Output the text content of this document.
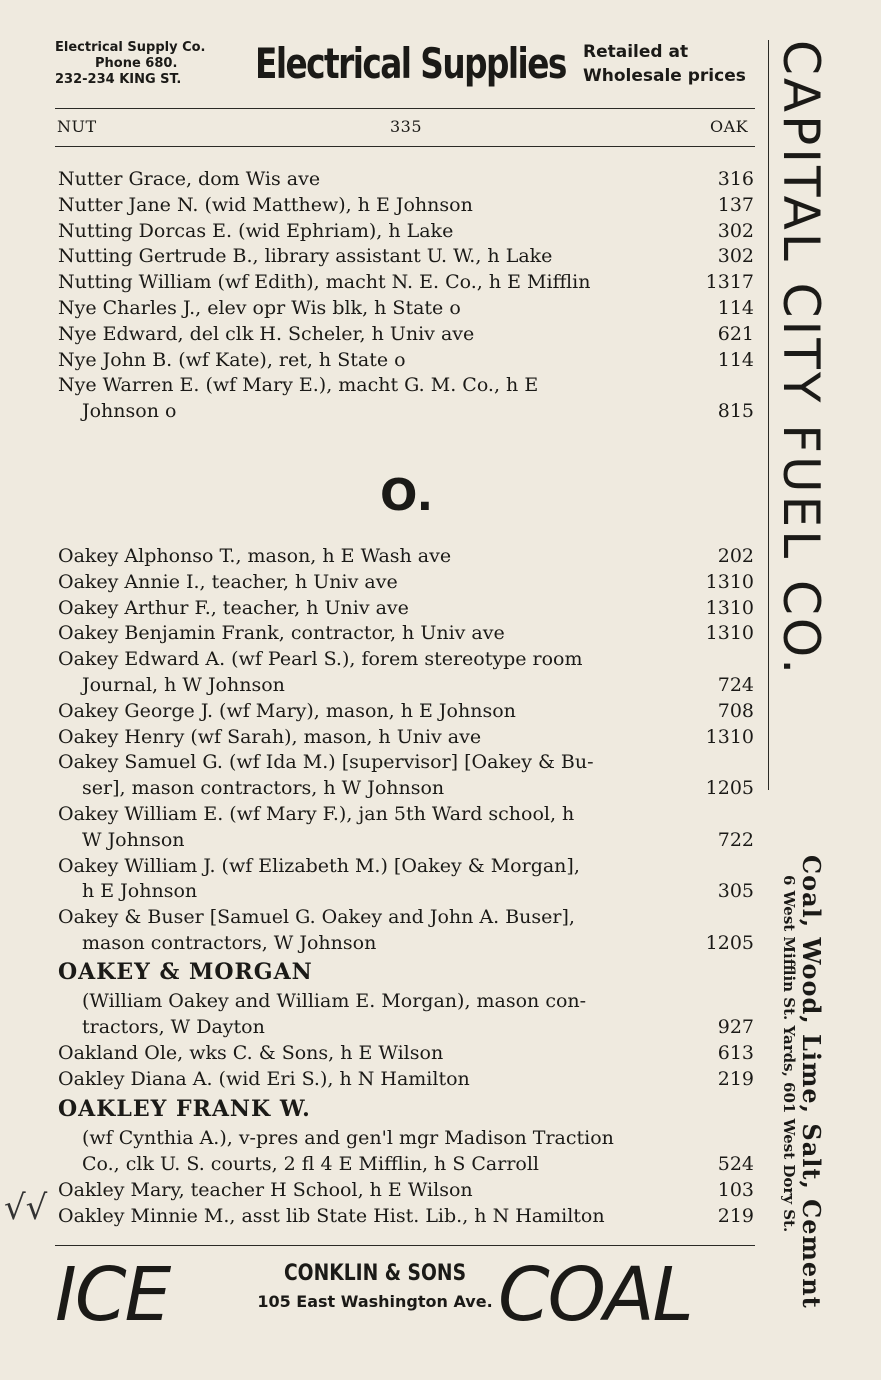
Electrical Supply Co.
Phone 680.
232-234 KING ST.	Electrical Supplies Retailed at
Wholesale prices
NUT	335	OAK
Nutter Grace, dom Wis ave	316
Nutter Jane N. (wid Matthew), h E Johnson	137
Nutting Dorcas E. (wid Ephriam), h Lake	302
Nutting Gertrude B., library assistant U. W., h Lake	302
Nutting William (wf Edith), macht N. E. Co., h E Mifflin	1317
Nye Charles J., elev opr Wis blk, h State o	114
Nye Edward, del clk H. Scheler, h Univ ave	621
Nye John B. (wf Kate), ret, h State o	114
Nye Warren E. (wf Mary E.), macht G. M. Co., h E
Johnson o	815
O.
Oakey Alphonso T., mason, h E Wash ave	202
Oakey Annie I., teacher, h Univ ave	1310
Oakey Arthur F., teacher, h Univ ave	1310
Oakey Benjamin Frank, contractor, h Univ ave	1310
Oakey Edward A. (wf Pearl S.), forem stereotype room
Journal, h W Johnson	724
Oakey George J. (wf Mary), mason, h E Johnson	708
Oakey Henry (wf Sarah), mason, h Univ ave	1310
Oakey Samuel G. (wf Ida M.) [supervisor] [Oakey & Bu-
ser], mason contractors, h W Johnson	1205
Oakey William E. (wf Mary F.), jan 5th Ward school, h
W Johnson	722
Oakey William J. (wf Elizabeth M.) [Oakey & Morgan],
h E Johnson	305
Oakey & Buser [Samuel G. Oakey and John A. Buser],
mason contractors, W Johnson	1205
OAKEY & MORGAN
(William Oakey and William E. Morgan), mason con-
tractors, W Dayton	927
Oakland Ole, wks C. & Sons, h E Wilson	613
Oakley Diana A. (wid Eri S.), h N Hamilton	219
OAKLEY FRANK W.
(wf Cynthia A.), v-pres and gen'l mgr Madison Traction
Co., clk U. S. courts, 2 fl 4 E Mifflin, h S Carroll	524
Oakley Mary, teacher H School, h E Wilson	103
Oakley Minnie M., asst lib State Hist. Lib., h N Hamilton	219
√√
CAPITAL CITY FUEL CO.
Coal, Wood, Lime, Salt, Cement
6 West Mifflin St. Yards, 601 West Dory St.
ICE	CONKLIN & SONS
105 East Washington Ave. COAL
